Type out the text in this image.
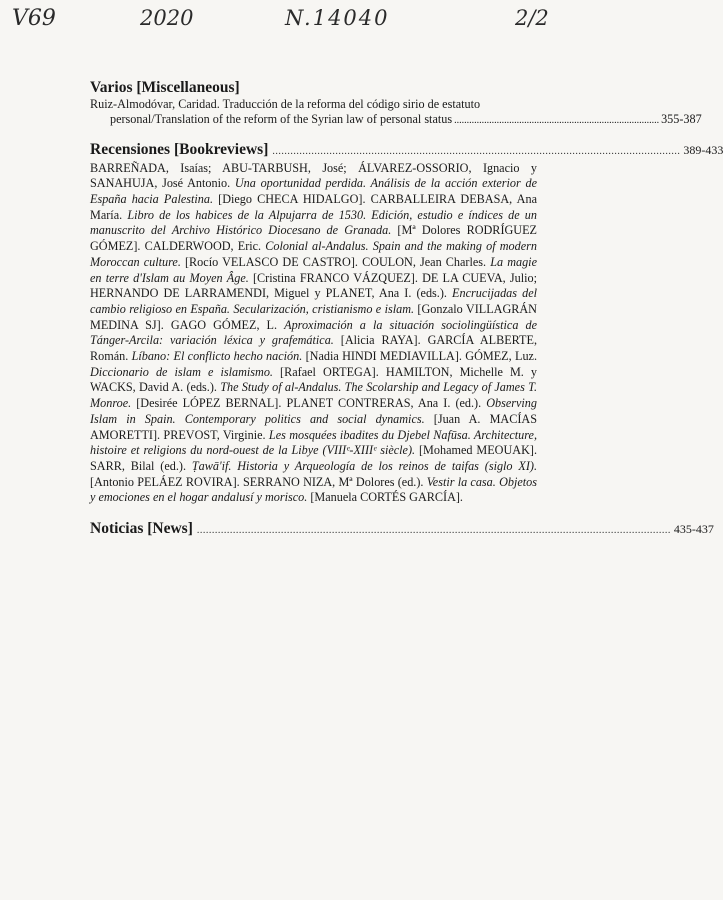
V69	2020	N.14040	2/2
Varios [Miscellaneous]
Ruiz-Almodóvar, Caridad. Traducción de la reforma del código sirio de estatuto
personal/Translation of the reform of the Syrian law of personal status .................................................................................. 355-387
Recensiones [Bookreviews] ........................................................................................................................................ 389-433
BARREÑADA, Isaías; ABU-TARBUSH, José; ÁLVAREZ-OSSORIO, Ignacio y SANAHUJA, José Antonio. Una oportunidad perdida. Análisis de la acción exterior de España hacia Palestina. [Diego CHECA HIDALGO]. CARBALLEIRA DEBASA, Ana María. Libro de los habices de la Alpujarra de 1530. Edición, estudio e índices de un manuscrito del Archivo Histórico Diocesano de Granada. [Mª Dolores RODRÍGUEZ GÓMEZ]. CALDERWOOD, Eric. Colonial al-Andalus. Spain and the making of modern Moroccan culture. [Rocío VELASCO DE CASTRO]. COULON, Jean Charles. La magie en terre d'Islam au Moyen Âge. [Cristina FRANCO VÁZQUEZ]. DE LA CUEVA, Julio; HERNANDO DE LARRAMENDI, Miguel y PLANET, Ana I. (eds.). Encrucijadas del cambio religioso en España. Secularización, cristianismo e islam. [Gonzalo VILLAGRÁN MEDINA SJ]. GAGO GÓMEZ, L. Aproximación a la situación sociolingüística de Tánger-Arcila: variación léxica y grafemática. [Alicia RAYA]. GARCÍA ALBERTE, Román. Líbano: El conflicto hecho nación. [Nadia HINDI MEDIAVILLA]. GÓMEZ, Luz. Diccionario de islam e islamismo. [Rafael ORTEGA]. HAMILTON, Michelle M. y WACKS, David A. (eds.). The Study of al-Andalus. The Scolarship and Legacy of James T. Monroe. [Desirée LÓPEZ BERNAL]. PLANET CONTRERAS, Ana I. (ed.). Observing Islam in Spain. Contemporary politics and social dynamics. [Juan A. MACÍAS AMORETTI]. PREVOST, Virginie. Les mosquées ibadites du Djebel Nafūsa. Architecture, histoire et religions du nord-ouest de la Libye (VIIIᵉ-XIIIᵉ siècle). [Mohamed MEOUAK]. SARR, Bilal (ed.). Ṭawā'if. Historia y Arqueología de los reinos de taifas (siglo XI). [Antonio PELÁEZ ROVIRA]. SERRANO NIZA, Mª Dolores (ed.). Vestir la casa. Objetos y emociones en el hogar andalusí y morisco. [Manuela CORTÉS GARCÍA].
Noticias [News] .............................................................................................................................................................. 435-437
